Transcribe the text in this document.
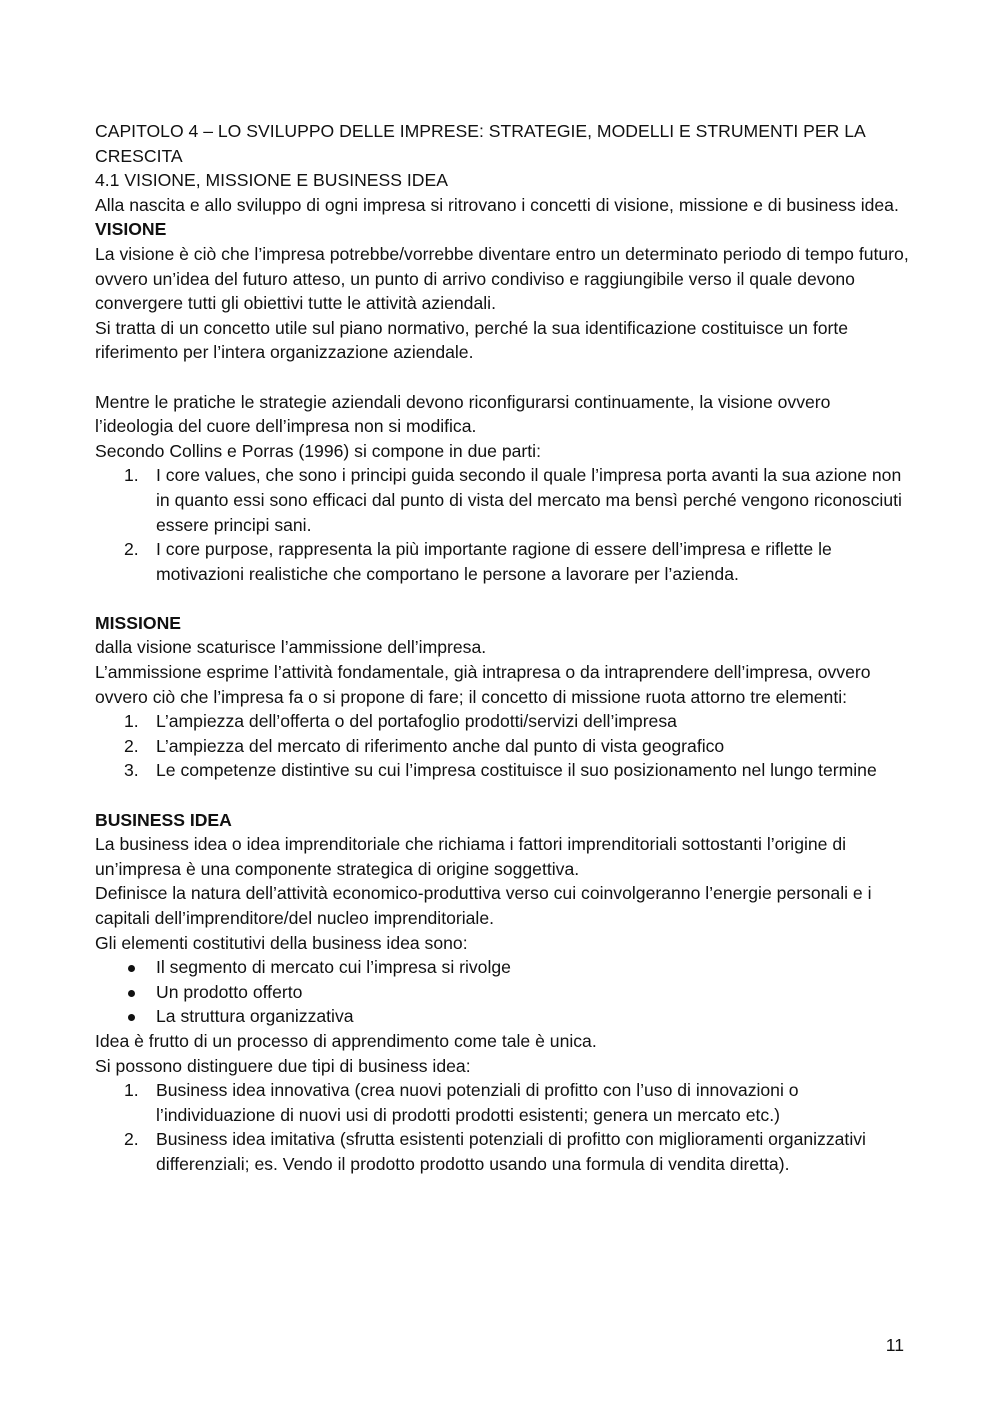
CAPITOLO 4 – LO SVILUPPO DELLE IMPRESE: STRATEGIE, MODELLI E STRUMENTI PER LA CRESCITA

4.1 VISIONE, MISSIONE E BUSINESS IDEA

Alla nascita e allo sviluppo di ogni impresa si ritrovano i concetti di visione, missione e di business idea.

VISIONE

La visione è ciò che l’impresa potrebbe/vorrebbe diventare entro un determinato periodo di tempo futuro, ovvero un’idea del futuro atteso, un punto di arrivo condiviso e raggiungibile verso il quale devono convergere tutti gli obiettivi tutte le attività aziendali.

Si tratta di un concetto utile sul piano normativo, perché la sua identificazione costituisce un forte riferimento per l’intera organizzazione aziendale.

Mentre le pratiche le strategie aziendali devono riconfigurarsi continuamente, la visione ovvero l’ideologia del cuore dell’impresa non si modifica.

Secondo Collins e Porras (1996) si compone in due parti:

1. I core values, che sono i principi guida secondo il quale l’impresa porta avanti la sua azione non in quanto essi sono efficaci dal punto di vista del mercato ma bensì perché vengono riconosciuti essere principi sani.
2. I core purpose, rappresenta la più importante ragione di essere dell’impresa e riflette le motivazioni realistiche che comportano le persone a lavorare per l’azienda.

MISSIONE

dalla visione scaturisce l’ammissione dell’impresa.

L’ammissione esprime l’attività fondamentale, già intrapresa o da intraprendere dell’impresa, ovvero ovvero ciò che l’impresa fa o si propone di fare; il concetto di missione ruota attorno tre elementi:

1. L’ampiezza dell’offerta o del portafoglio prodotti/servizi dell’impresa
2. L’ampiezza del mercato di riferimento anche dal punto di vista geografico
3. Le competenze distintive su cui l’impresa costituisce il suo posizionamento nel lungo termine

BUSINESS IDEA

La business idea o idea imprenditoriale che richiama i fattori imprenditoriali sottostanti l’origine di un’impresa è una componente strategica di origine soggettiva.

Definisce la natura dell’attività economico-produttiva verso cui coinvolgeranno l’energie personali e i capitali dell’imprenditore/del nucleo imprenditoriale.

Gli elementi costitutivi della business idea sono:

Il segmento di mercato cui l’impresa si rivolge
Un prodotto offerto
La struttura organizzativa

Idea è frutto di un processo di apprendimento come tale è unica.

Si possono distinguere due tipi di business idea:

1. Business idea innovativa (crea nuovi potenziali di profitto con l’uso di innovazioni o l’individuazione di nuovi usi di prodotti prodotti esistenti; genera un mercato etc.)
2. Business idea imitativa (sfrutta esistenti potenziali di profitto con miglioramenti organizzativi differenziali; es. Vendo il prodotto prodotto usando una formula di vendita diretta).
11
